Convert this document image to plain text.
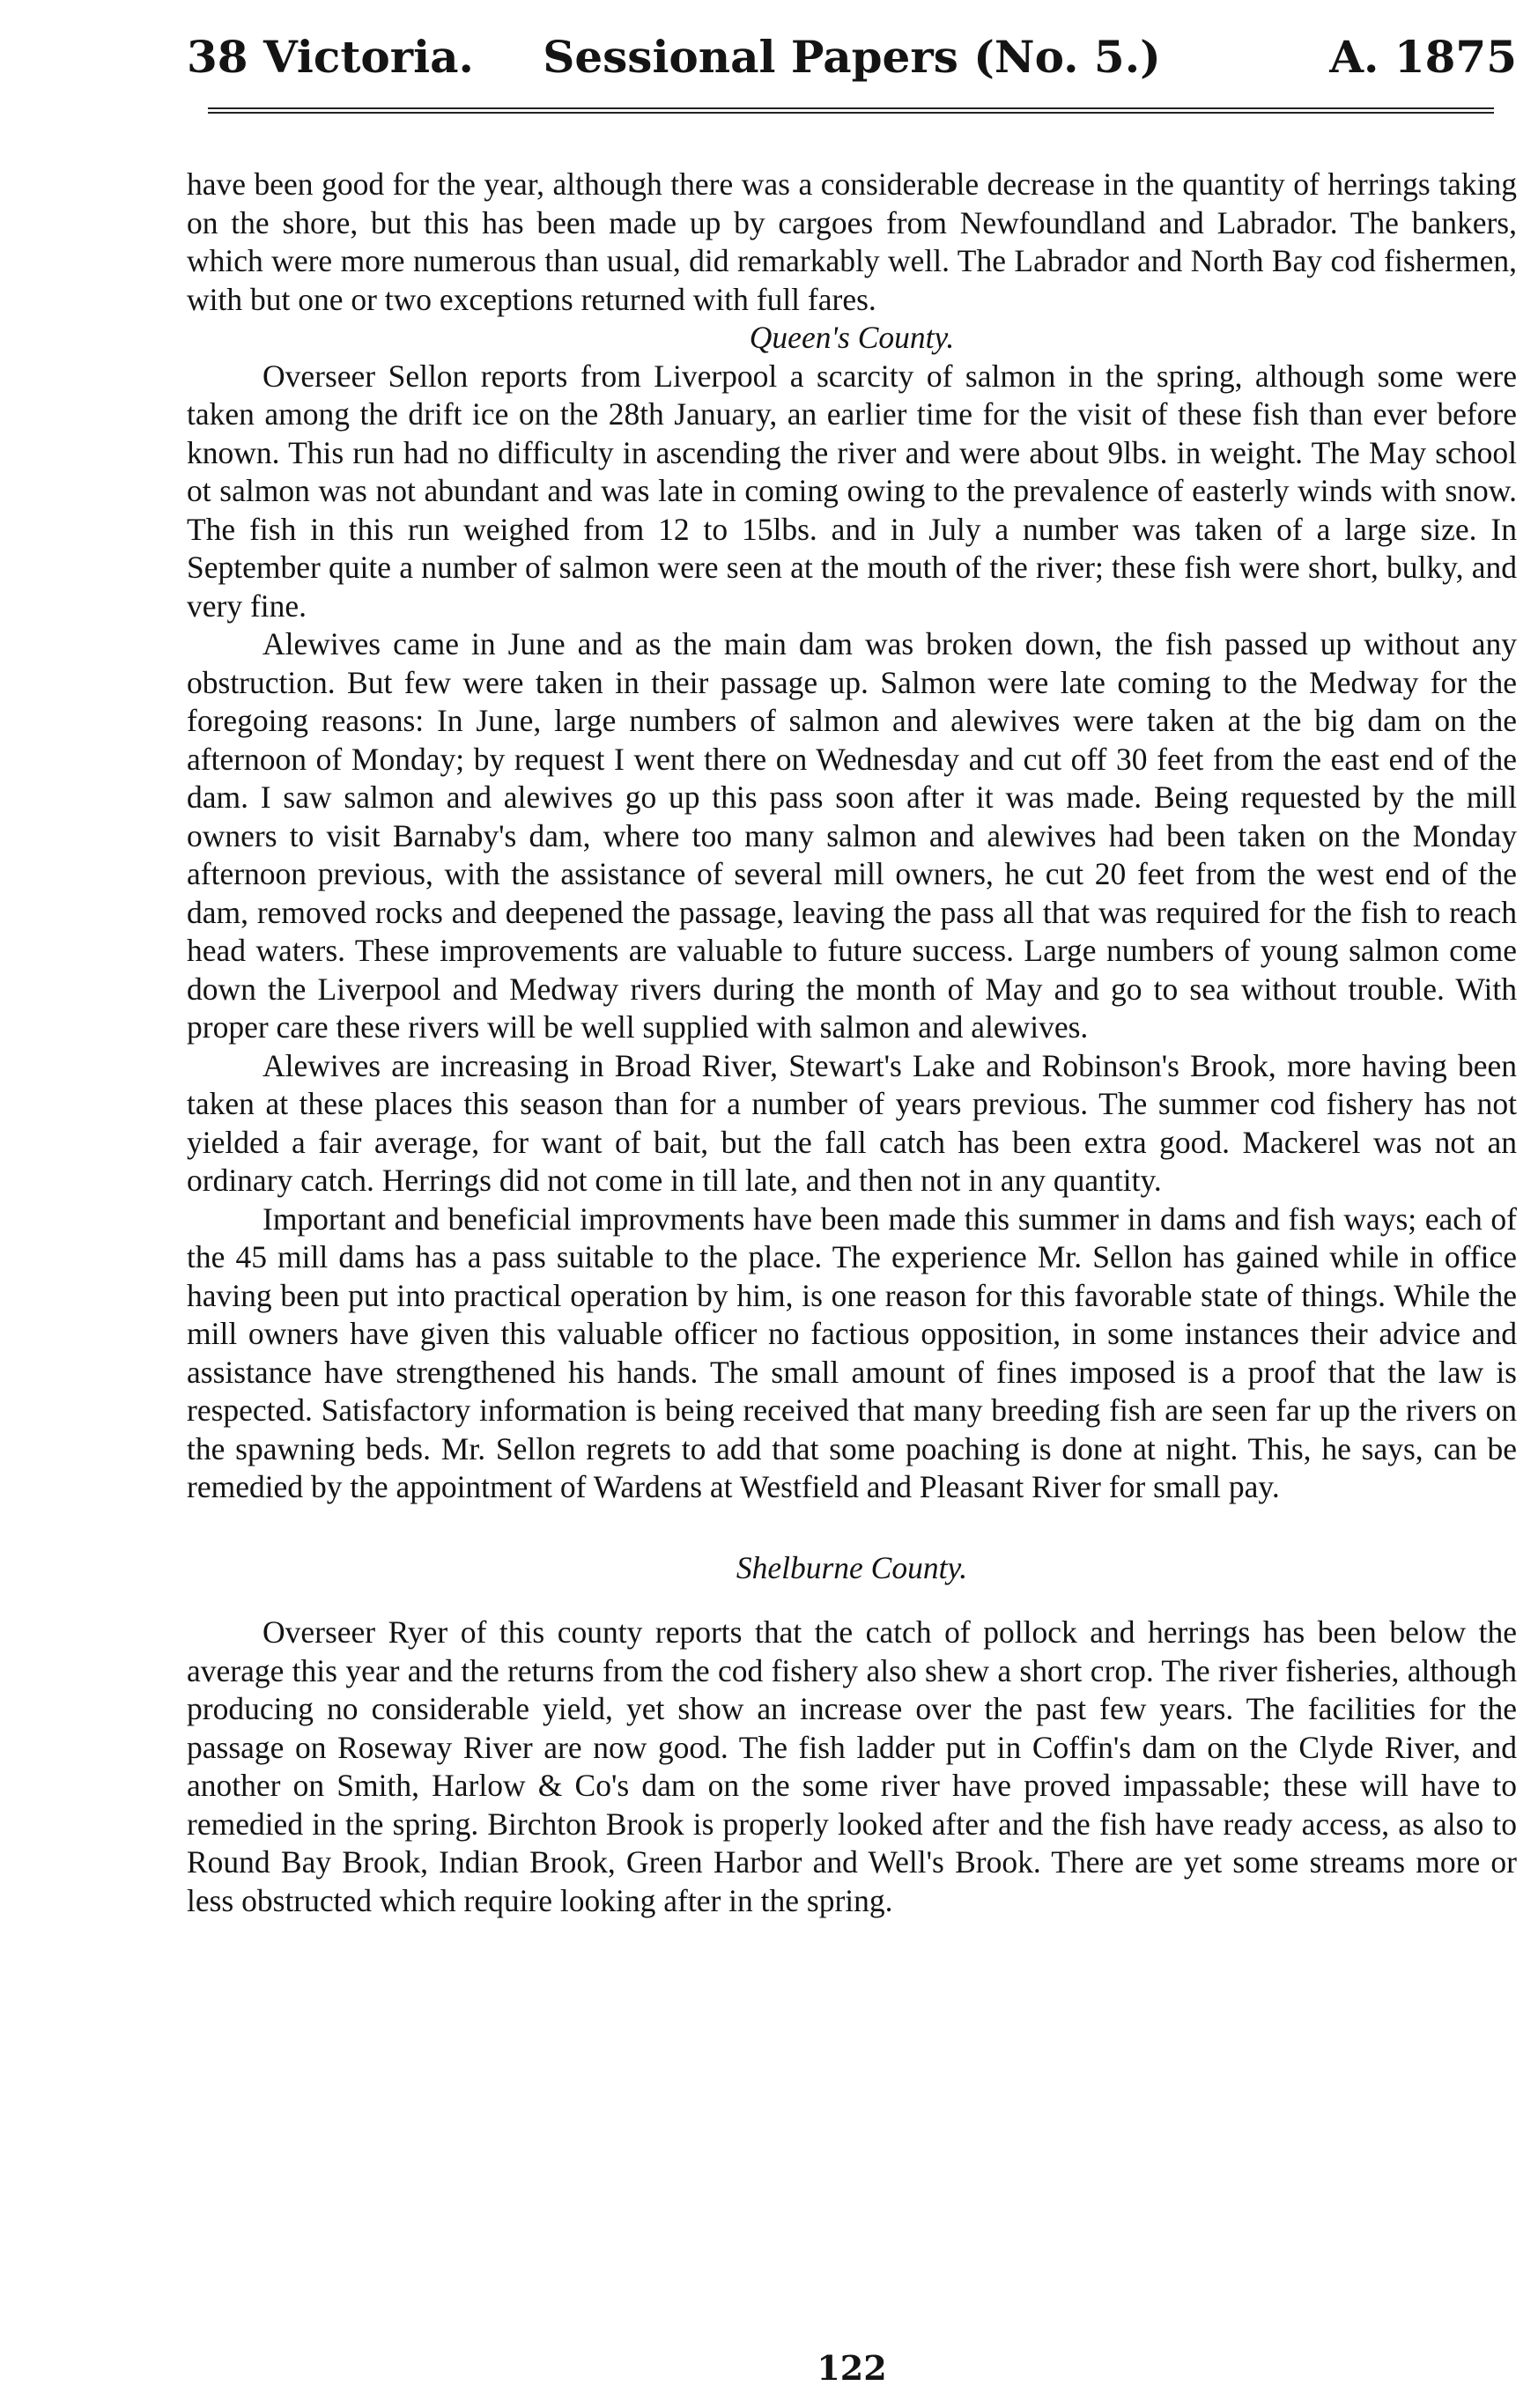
38 Victoria.	Sessional Papers (No. 5.)	A. 1875

have been good for the year, although there was a considerable decrease in the quantity of herrings taking on the shore, but this has been made up by cargoes from Newfoundland and Labrador. The bankers, which were more numerous than usual, did remarkably well. The Labrador and North Bay cod fishermen, with but one or two exceptions returned with full fares.

Queen's County.

Overseer Sellon reports from Liverpool a scarcity of salmon in the spring, although some were taken among the drift ice on the 28th January, an earlier time for the visit of these fish than ever before known. This run had no difficulty in ascending the river and were about 9lbs. in weight. The May school ot salmon was not abundant and was late in coming owing to the prevalence of easterly winds with snow. The fish in this run weighed from 12 to 15lbs. and in July a number was taken of a large size. In September quite a number of salmon were seen at the mouth of the river; these fish were short, bulky, and very fine.

Alewives came in June and as the main dam was broken down, the fish passed up without any obstruction. But few were taken in their passage up. Salmon were late coming to the Medway for the foregoing reasons: In June, large numbers of salmon and alewives were taken at the big dam on the afternoon of Monday; by request I went there on Wednesday and cut off 30 feet from the east end of the dam. I saw salmon and alewives go up this pass soon after it was made. Being requested by the mill owners to visit Barnaby's dam, where too many salmon and alewives had been taken on the Monday afternoon previous, with the assistance of several mill owners, he cut 20 feet from the west end of the dam, removed rocks and deepened the passage, leaving the pass all that was required for the fish to reach head waters. These improvements are valuable to future success. Large numbers of young salmon come down the Liverpool and Medway rivers during the month of May and go to sea without trouble. With proper care these rivers will be well supplied with salmon and alewives.

Alewives are increasing in Broad River, Stewart's Lake and Robinson's Brook, more having been taken at these places this season than for a number of years previous. The summer cod fishery has not yielded a fair average, for want of bait, but the fall catch has been extra good. Mackerel was not an ordinary catch. Herrings did not come in till late, and then not in any quantity.

Important and beneficial improvments have been made this summer in dams and fish ways; each of the 45 mill dams has a pass suitable to the place. The experience Mr. Sellon has gained while in office having been put into practical operation by him, is one reason for this favorable state of things. While the mill owners have given this valuable officer no factious opposition, in some instances their advice and assistance have strengthened his hands. The small amount of fines imposed is a proof that the law is respected. Satisfactory information is being received that many breeding fish are seen far up the rivers on the spawning beds. Mr. Sellon regrets to add that some poaching is done at night. This, he says, can be remedied by the appointment of Wardens at Westfield and Pleasant River for small pay.

Shelburne County.

Overseer Ryer of this county reports that the catch of pollock and herrings has been below the average this year and the returns from the cod fishery also shew a short crop. The river fisheries, although producing no considerable yield, yet show an increase over the past few years. The facilities for the passage on Roseway River are now good. The fish ladder put in Coffin's dam on the Clyde River, and another on Smith, Harlow & Co's dam on the some river have proved impassable; these will have to remedied in the spring. Birchton Brook is properly looked after and the fish have ready access, as also to Round Bay Brook, Indian Brook, Green Harbor and Well's Brook. There are yet some streams more or less obstructed which require looking after in the spring.

122
